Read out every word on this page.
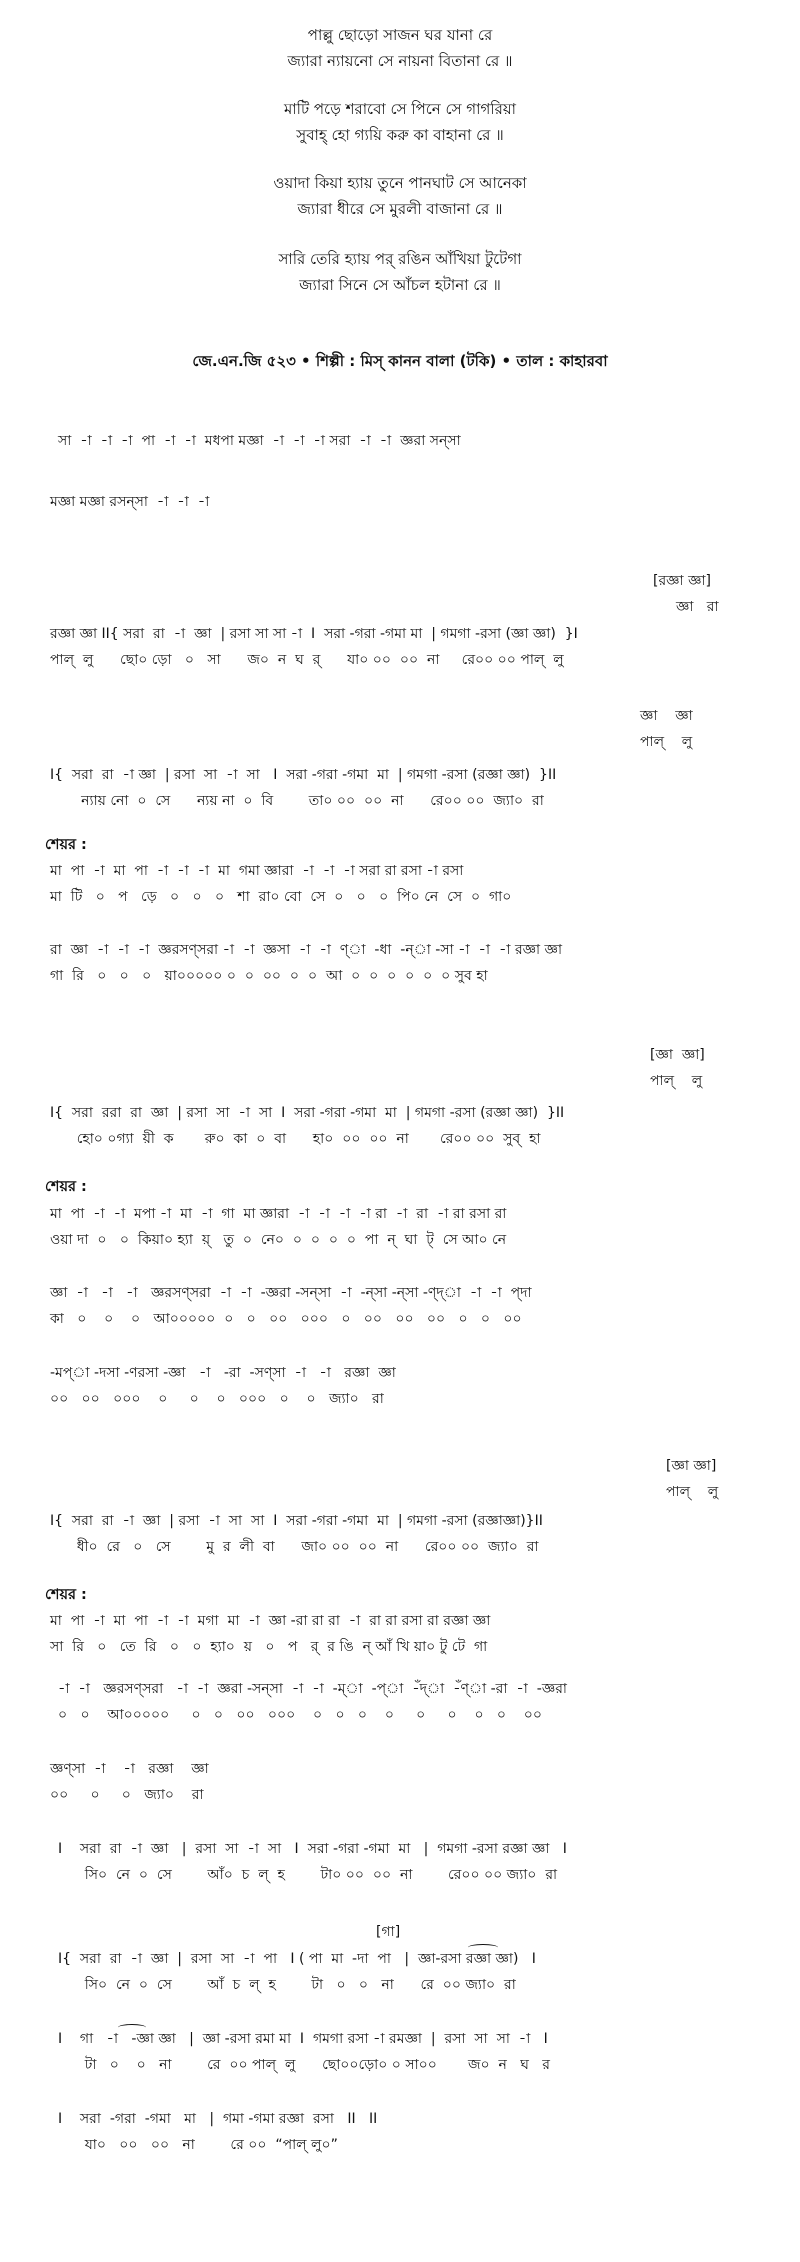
পাল্লু ছোড়ো সাজন ঘর যানা রে
জ্যারা ন্যায়নো সে নায়না বিতানা রে ॥
মাটি পড়ে শরাবো সে পিনে সে গাগরিয়া
সুবাহ্ হো গ্যয়ি করু কা বাহানা রে ॥
ওয়াদা কিয়া হ্যায় তুনে পানঘাট সে আনেকা
জ্যারা ধীরে সে মুরলী বাজানা রে ॥
সারি তেরি হ্যায় পর্ রঙিন আঁখিয়া টুটেগা
জ্যারা সিনে সে আঁচল হটানা রে ॥
জে.এন.জি ৫২৩ • শিল্পী : মিস্ কানন বালা (টকি) • তাল : কাহারবা
সা  -া  -া  -া  পা  -া  -া  মধপা মজ্ঞা  -া  -া  -া সরা  -া  -া  জ্ঞরা সন্‌সা
মজ্ঞা মজ্ঞা রসন্‌সা  -া  -া  -া
[রজ্ঞা জ্ঞা]
জ্ঞা   রা
রজ্ঞা জ্ঞা II{ সরা  রা  -া  জ্ঞা  | রসা সা সা -া  I  সরা -গরা -গমা মা  | গমগা -রসা (জ্ঞা জ্ঞা)  }I
পাল্  লু      ছো০ ড়ো   ০   সা      জ০  ন  ঘ  র্      যা০ ০০  ০০  না     রে০০ ০০ পাল্  লু
জ্ঞা    জ্ঞা
পাল্    লু
I{  সরা  রা  -া জ্ঞা  | রসা  সা  -া  সা   I  সরা -গরা -গমা  মা  | গমগা -রসা (রজ্ঞা জ্ঞা)  }II
ন্যায় নো  ০  সে      ন্যয় না  ০  বি        তা০ ০০  ০০  না      রে০০ ০০  জ্যা০  রা
শেয়র :
মা  পা  -া  মা  পা  -া  -া  -া  মা  গমা জ্ঞারা  -া  -া  -া সরা রা রসা -া রসা
মা  টি   ০   প   ড়ে   ০   ০   ০   শা  রা০ বো  সে  ০   ০   ০  পি০ নে  সে  ০  গা০
রা  জ্ঞা  -া  -া  -া  জ্ঞরসণ্‌সরা -া  -া  জ্ঞসা  -া  -া  ণ্‌া  -ধা  -ন্‌া -সা -া  -া  -া রজ্ঞা জ্ঞা
গা  রি   ০   ০   ০   য়া০০০০০ ০  ০  ০০  ০  ০  আ  ০  ০  ০  ০  ০  ০ সুব হা
[জ্ঞা  জ্ঞা]
পাল্    লু
I{  সরা  ররা  রা  জ্ঞা  | রসা  সা  -া  সা  I  সরা -গরা -গমা  মা  | গমগা -রসা (রজ্ঞা জ্ঞা)  }II
হো০ ০গ্যা  য়ী  ক       রু০  কা  ০  বা      হা০  ০০  ০০  না       রে০০ ০০  সুব্  হা
শেয়র :
মা  পা  -া  -া  মপা -া  মা  -া  গা  মা জ্ঞারা  -া  -া  -া  -া রা  -া  রা  -া রা রসা রা
ওয়া দা  ০   ০  কিয়া০ হ্যা  য়্   তু  ০  নে০  ০  ০  ০  ০  পা  ন্  ঘা  ট্  সে আ০ নে
জ্ঞা  -া   -া   -া   জ্ঞরসণ্‌সরা  -া  -া  -জ্ঞরা -সন্‌সা  -া  -ন্‌সা -ন্‌সা -ণ্‌দ্‌া  -া  -া  প্‌দা
কা   ০    ০    ০   আ০০০০০  ০   ০   ০০   ০০০   ০   ০০   ০০   ০০   ০   ০   ০০
-মপ্‌া -দসা -ণরসা -জ্ঞা   -া   -রা  -সণ্‌সা  -া   -া   রজ্ঞা  জ্ঞা
০০   ০০   ০০০    ০     ০    ০   ০০০   ০    ০   জ্যা০   রা
[জ্ঞা জ্ঞা]
পাল্    লু
I{  সরা  রা  -া  জ্ঞা  | রসা  -া  সা  সা  I  সরা -গরা -গমা  মা  | গমগা -রসা (রজ্ঞাজ্ঞা)}II
ধী০  রে   ০   সে        মু  র  লী  বা      জা০ ০০  ০০  না      রে০০ ০০  জ্যা০  রা
শেয়র :
মা  পা  -া  মা  পা  -া  -া  মগা  মা  -া  জ্ঞা -রা রা রা  -া  রা রা রসা রা রজ্ঞা জ্ঞা
সা  রি   ০   তে  রি   ০   ০  হ্যা০  য়   ০   প   র্  র ঙি  ন্ আঁ খি য়া০ টু টে  গা
-া  -া   জ্ঞরসণ্‌সরা   -া  -া  জ্ঞরা -সন্‌সা  -া  -া  -ম্‌া  -প্‌া  -ঁদ্‌া  -ঁণ্‌া -রা  -া  -জ্ঞরা
০   ০    আ০০০০০     ০   ০   ০০   ০০০    ০   ০   ০    ০     ০     ০    ০   ০    ০০
জ্ঞণ্‌সা  -া    -া   রজ্ঞা    জ্ঞা
০০     ০     ০   জ্যা০    রা
I    সরা  রা  -া  জ্ঞা   |  রসা  সা  -া  সা   I  সরা -গরা -গমা  মা   |  গমগা -রসা রজ্ঞা জ্ঞা   I
সি০  নে  ০  সে        আঁ০  চ  ল্  হ        টা০ ০০  ০০  না        রে০০ ০০ জ্যা০  রা
[গা]
I{  সরা  রা  -া  জ্ঞা  |  রসা  সা  -া  পা   I ( পা  মা  -দা  পা   |  জ্ঞা-রসা রজ্ঞা জ্ঞা)   I
সি০  নে  ০  সে        আঁ  চ  ল্  হ        টা   ০   ০   না      রে  ০০ জ্যা০  রা
I    গা   -া   -জ্ঞা জ্ঞা   |  জ্ঞা -রসা রমা মা  I  গমগা রসা -া রমজ্ঞা  |  রসা  সা  সা  -া   I
টা   ০    ০   না        রে  ০০ পাল্  লু      ছো০০ড়ো০ ০ সা০০       জ০  ন   ঘ   র
I    সরা  -গরা  -গমা   মা   |  গমা -গমা রজ্ঞা  রসা   II   II
যা০   ০০   ০০   না        রে ০০  “পাল্ লু০”
